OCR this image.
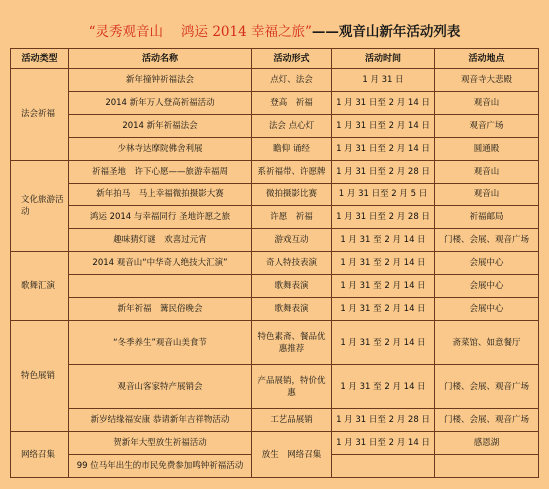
“灵秀观音山 鸿运 2014 幸福之旅”——观音山新年活动列表
活动类型	活动名称	活动形式	活动时间	活动地点
法会祈福	新年撞钟祈福法会	点灯、法会	1 月 31 日	观音寺大悲殿
	2014 新年万人登高祈福活动	登高　祈福	1 月 31 日至 2 月 14 日	观音山
	2014 新年祈福法会	法会 点心灯	1 月 31 日至 2 月 14 日	观音广场
	少林寺达摩院佛舍利展	瞻仰 诵经	1 月 31 日至 2 月 14 日	圆通殿
文化旅游活动	祈福圣地　许下心愿——旅游幸福周	系祈福带、许愿牌	1 月 31 日至 2 月 28 日	观音山
	新年拍马　马上幸福微拍摄影大赛	微拍摄影比赛	1 月 31 日至 2 月 5 日	观音山
	鸿运 2014 与幸福同行 圣地许愿之旅	许愿　祈福	1 月 31 日至 2 月 28 日	祈福邮局
	趣味猜灯谜　欢喜过元宵	游戏互动	1 月 31 至 2 月 14 日	门楼、会展、观音广场
歌舞汇演	2014 观音山“中华奇人绝技大汇演”	奇人特技表演	1 月 31 至 2 月 14 日	会展中心
		歌舞表演	1 月 31 至 2 月 14 日	会展中心
	新年祈福　篝民俗晚会	歌舞表演	1 月 31 至 2 月 14 日	会展中心
特色展销	“冬季养生”观音山美食节	特色素斋、餐品优惠推荐	1 月 31 至 2 月 14 日	斋菜馆、如意餐厅
	观音山客家特产展销会	产品展销，特价优惠	1 月 31 至 2 月 14 日	门楼、会展、观音广场
	新岁结缘福安康 恭请新年吉祥物活动	工艺品展销	1 月 31 日至 2 月 28 日	门楼、会展、观音广场
网络召集	贺新年大型放生祈福活动	放生　网络召集	1 月 31 日至 2 月 14 日	感恩湖
	99 位马年出生的市民免费参加鸣钟祈福活动			
